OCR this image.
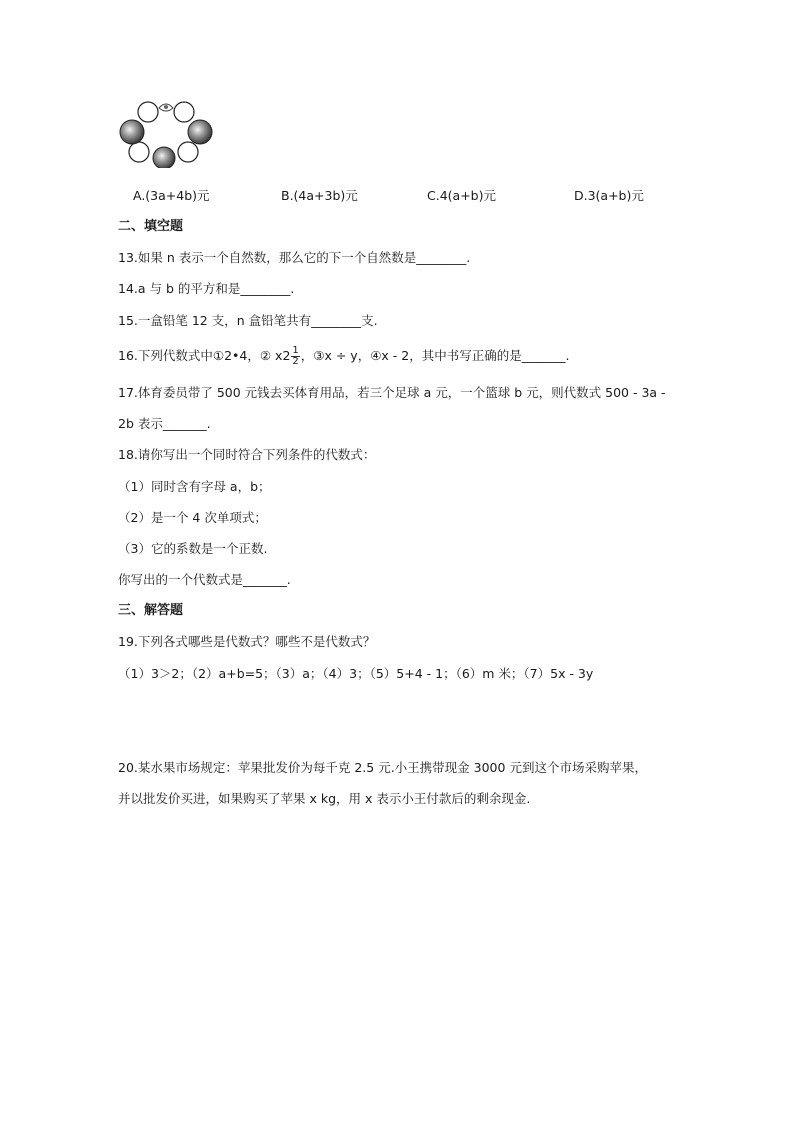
A.(3a+4b)元	B.(4a+3b)元	C.4(a+b)元	D.3(a+b)元
二、填空题
13.如果 n 表示一个自然数，那么它的下一个自然数是________.
14.a 与 b 的平方和是________.
15.一盒铅笔 12 支，n 盒铅笔共有________支.
16.下列代数式中①2•4，② $x2 \frac{1}{2}$ ，③x ÷ y，④x - 2，其中书写正确的是_______.
17.体育委员带了 500 元钱去买体育用品，若三个足球 a 元，一个篮球 b 元，则代数式 500 - 3a -
2b 表示_______.
18.请你写出一个同时符合下列条件的代数式：
（1）同时含有字母 a，b；
（2）是一个 4 次单项式；
（3）它的系数是一个正数.
你写出的一个代数式是_______.
三、解答题
19.下列各式哪些是代数式？哪些不是代数式？
（1）3＞2；（2）a+b=5；（3）a；（4）3；（5）5+4 - 1；（6）m 米；（7）5x - 3y
20.某水果市场规定：苹果批发价为每千克 2.5 元.小王携带现金 3000 元到这个市场采购苹果，
并以批发价买进，如果购买了苹果 x kg，用 x 表示小王付款后的剩余现金.
